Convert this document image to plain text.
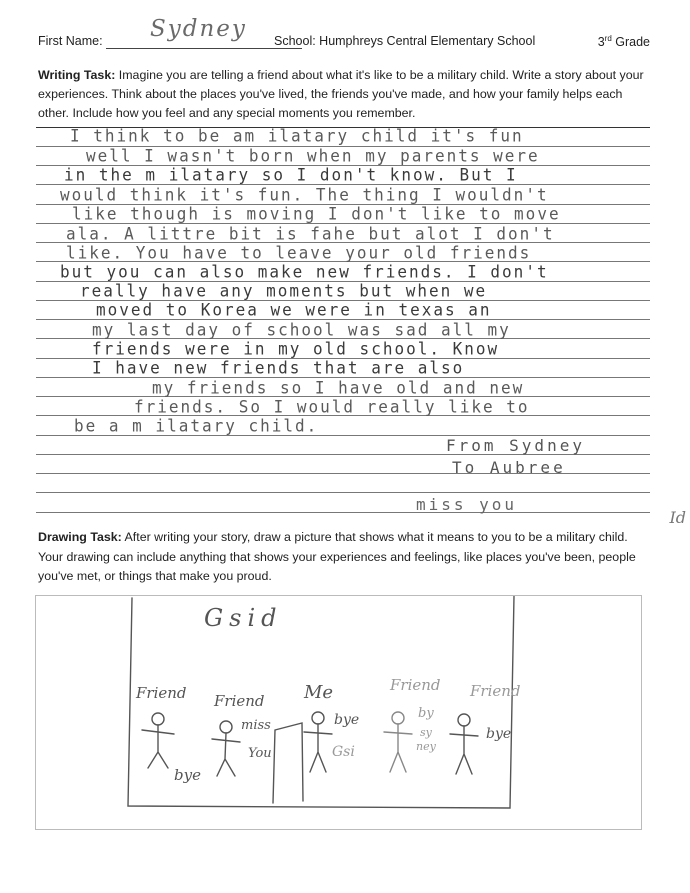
First Name: Sydney School: Humphreys Central Elementary School	3rd Grade
Writing Task: Imagine you are telling a friend about what it's like to be a military child. Write a story about your experiences. Think about the places you've lived, the friends you've made, and how your family helps each other. Include how you feel and any special moments you remember.
I think to be am ilatary child it's fun
well I wasn't born when my parents were
in the m ilatary so I don't know. But I
would think it's fun. The thing I wouldn't
like though is moving I don't like to move
ala. A littre bit is fahe but alot I don't
like. You have to leave your old friends
but you can also make new friends. I don't
really have any moments but when we
moved to Korea we were in texas an
my last day of school was sad all my
friends were in my old school. Know
I have new friends that are also
my friends so I have old and new
friends. So I would really like to
be a m ilatary child.
From Sydney
To Aubree
miss you
Id
Drawing Task: After writing your story, draw a picture that shows what it means to you to be a military child. Your drawing can include anything that shows your experiences and feelings, like places you've been, people you've met, or things that make you proud.
Gsid
Friend Friend Me	Friend Friend
bye
miss
You
bye
Gsi
by
sy
ney
bye
